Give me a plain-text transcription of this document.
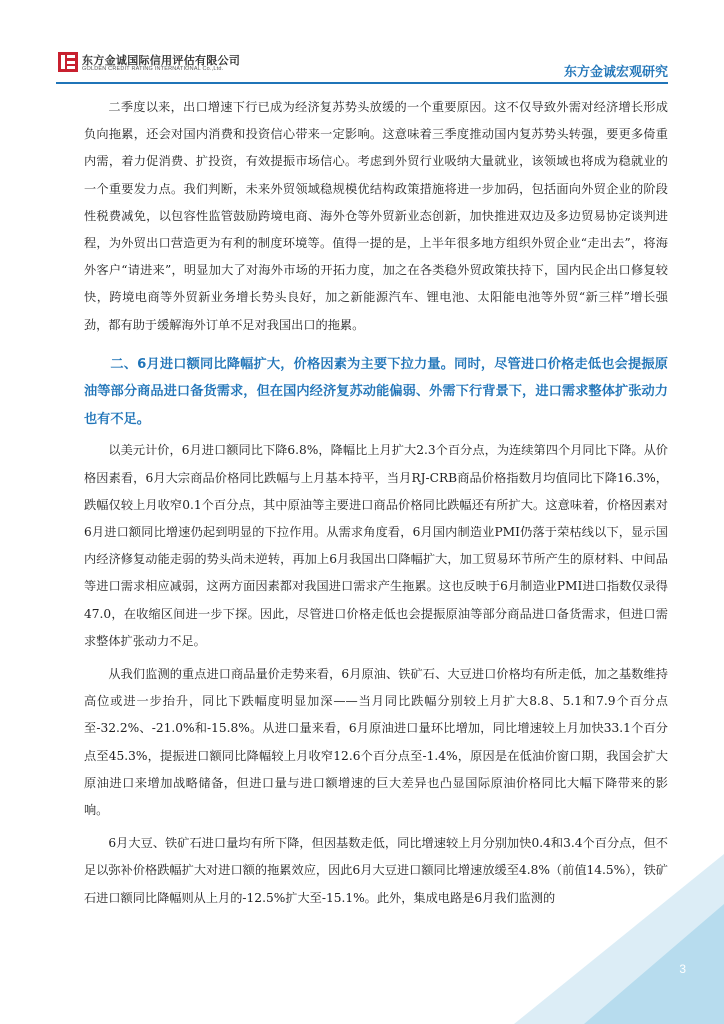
东方金诚国际信用评估有限公司
GOLDEN CREDIT RATING INTERNATIONAL Co.,Ltd.	东方金诚宏观研究

二季度以来，出口增速下行已成为经济复苏势头放缓的一个重要原因。这不仅导致外需对经济增长形成负向拖累，还会对国内消费和投资信心带来一定影响。这意味着三季度推动国内复苏势头转强，要更多倚重内需，着力促消费、扩投资，有效提振市场信心。考虑到外贸行业吸纳大量就业，该领域也将成为稳就业的一个重要发力点。我们判断，未来外贸领域稳规模优结构政策措施将进一步加码，包括面向外贸企业的阶段性税费减免，以包容性监管鼓励跨境电商、海外仓等外贸新业态创新，加快推进双边及多边贸易协定谈判进程，为外贸出口营造更为有利的制度环境等。值得一提的是，上半年很多地方组织外贸企业“走出去”，将海外客户“请进来”，明显加大了对海外市场的开拓力度，加之在各类稳外贸政策扶持下，国内民企出口修复较快，跨境电商等外贸新业务增长势头良好，加之新能源汽车、锂电池、太阳能电池等外贸“新三样”增长强劲，都有助于缓解海外订单不足对我国出口的拖累。

二、6月进口额同比降幅扩大，价格因素为主要下拉力量。同时，尽管进口价格走低也会提振原油等部分商品进口备货需求，但在国内经济复苏动能偏弱、外需下行背景下，进口需求整体扩张动力也有不足。

以美元计价，6月进口额同比下降6.8%，降幅比上月扩大2.3个百分点，为连续第四个月同比下降。从价格因素看，6月大宗商品价格同比跌幅与上月基本持平，当月RJ-CRB商品价格指数月均值同比下降16.3%，跌幅仅较上月收窄0.1个百分点，其中原油等主要进口商品价格同比跌幅还有所扩大。这意味着，价格因素对6月进口额同比增速仍起到明显的下拉作用。从需求角度看，6月国内制造业PMI仍落于荣枯线以下，显示国内经济修复动能走弱的势头尚未逆转，再加上6月我国出口降幅扩大，加工贸易环节所产生的原材料、中间品等进口需求相应减弱，这两方面因素都对我国进口需求产生拖累。这也反映于6月制造业PMI进口指数仅录得47.0，在收缩区间进一步下探。因此，尽管进口价格走低也会提振原油等部分商品进口备货需求，但进口需求整体扩张动力不足。

从我们监测的重点进口商品量价走势来看，6月原油、铁矿石、大豆进口价格均有所走低，加之基数维持高位或进一步抬升，同比下跌幅度明显加深——当月同比跌幅分别较上月扩大8.8、5.1和7.9个百分点至-32.2%、-21.0%和-15.8%。从进口量来看，6月原油进口量环比增加，同比增速较上月加快33.1个百分点至45.3%，提振进口额同比降幅较上月收窄12.6个百分点至-1.4%，原因是在低油价窗口期，我国会扩大原油进口来增加战略储备，但进口量与进口额增速的巨大差异也凸显国际原油价格同比大幅下降带来的影响。

6月大豆、铁矿石进口量均有所下降，但因基数走低，同比增速较上月分别加快0.4和3.4个百分点，但不足以弥补价格跌幅扩大对进口额的拖累效应，因此6月大豆进口额同比增速放缓至4.8%（前值14.5%），铁矿石进口额同比降幅则从上月的-12.5%扩大至-15.1%。此外，集成电路是6月我们监测的

3
